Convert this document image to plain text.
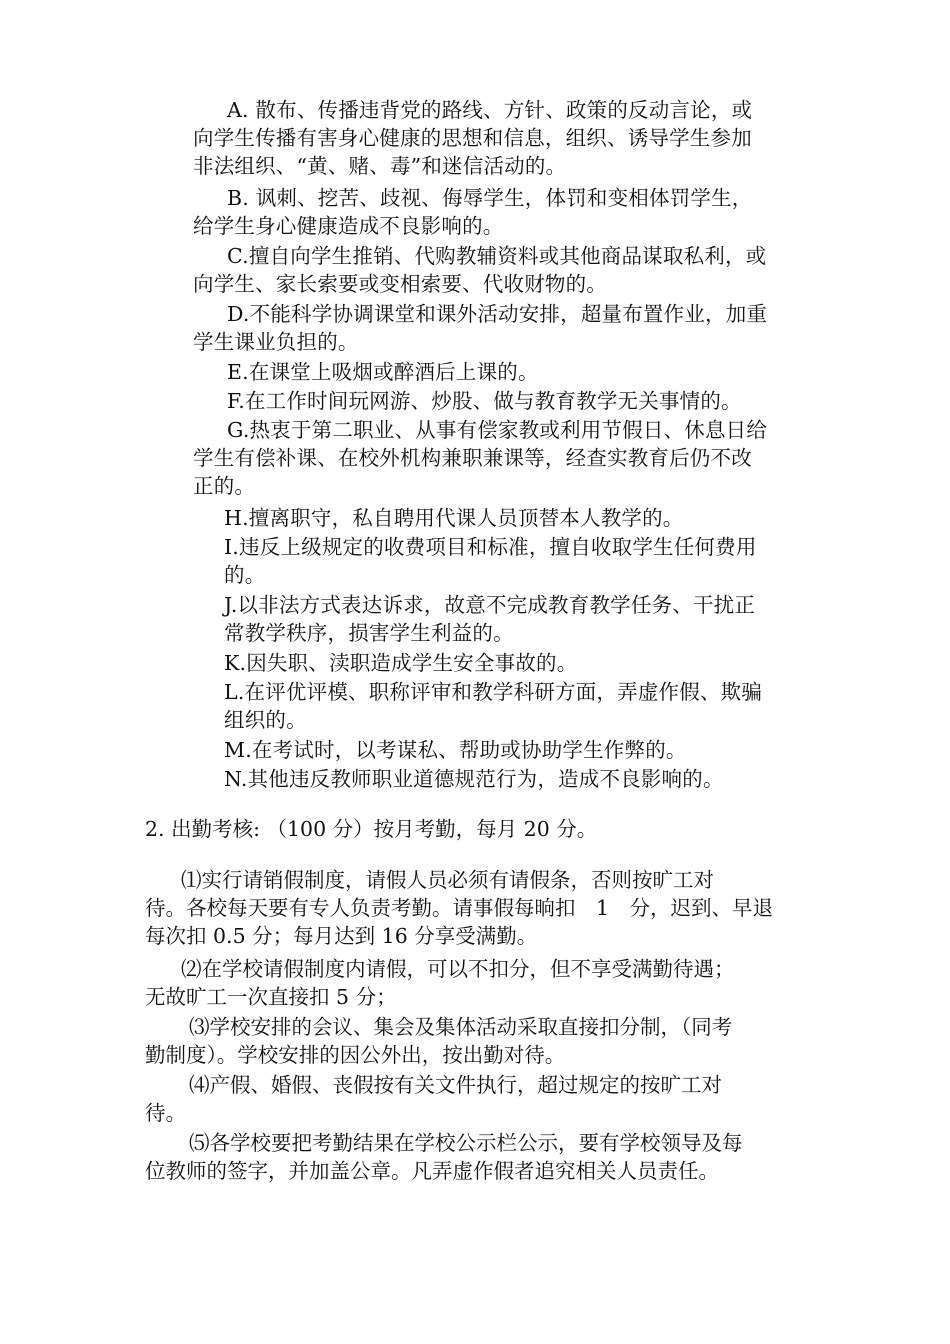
A. 散布、传播违背党的路线、方针、政策的反动言论，或
向学生传播有害身心健康的思想和信息，组织、诱导学生参加
非法组织、“黄、赌、毒”和迷信活动的。
B. 讽刺、挖苦、歧视、侮辱学生，体罚和变相体罚学生，
给学生身心健康造成不良影响的。
C.擅自向学生推销、代购教辅资料或其他商品谋取私利，或
向学生、家长索要或变相索要、代收财物的。
D.不能科学协调课堂和课外活动安排，超量布置作业，加重
学生课业负担的。
E.在课堂上吸烟或醉酒后上课的。
F.在工作时间玩网游、炒股、做与教育教学无关事情的。
G.热衷于第二职业、从事有偿家教或利用节假日、休息日给
学生有偿补课、在校外机构兼职兼课等，经查实教育后仍不改
正的。
H.擅离职守，私自聘用代课人员顶替本人教学的。
I.违反上级规定的收费项目和标准，擅自收取学生任何费用
的。
J.以非法方式表达诉求，故意不完成教育教学任务、干扰正
常教学秩序，损害学生利益的。
K.因失职、渎职造成学生安全事故的。
L.在评优评模、职称评审和教学科研方面，弄虚作假、欺骗
组织的。
M.在考试时，以考谋私、帮助或协助学生作弊的。
N.其他违反教师职业道德规范行为，造成不良影响的。
2. 出勤考核: （100 分）按月考勤，每月 20 分。
⑴实行请销假制度，请假人员必须有请假条，否则按旷工对
待。各校每天要有专人负责考勤。请事假每晌扣　1　分，迟到、早退
每次扣 0.5 分；每月达到 16 分享受满勤。
⑵在学校请假制度内请假，可以不扣分，但不享受满勤待遇；
无故旷工一次直接扣 5 分；
⑶学校安排的会议、集会及集体活动采取直接扣分制，（同考
勤制度）。学校安排的因公外出，按出勤对待。
⑷产假、婚假、丧假按有关文件执行，超过规定的按旷工对
待。
⑸各学校要把考勤结果在学校公示栏公示，要有学校领导及每
位教师的签字，并加盖公章。凡弄虚作假者追究相关人员责任。
